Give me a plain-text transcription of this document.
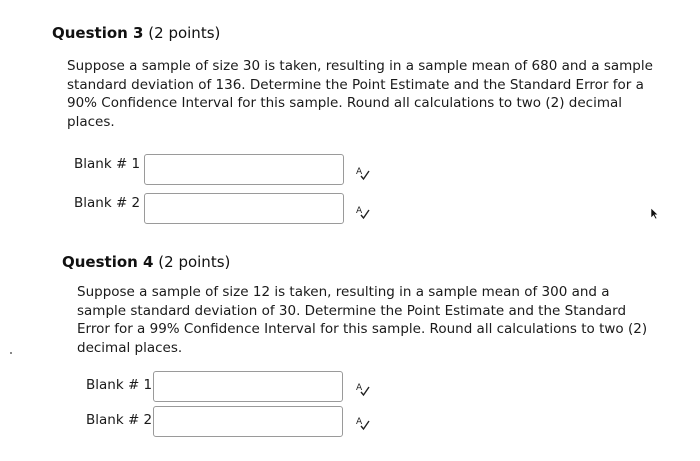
Question 3 (2 points)
Suppose a sample of size 30 is taken, resulting in a sample mean of 680 and a sample standard deviation of 136. Determine the Point Estimate and the Standard Error for a 90% Confidence Interval for this sample. Round all calculations to two (2) decimal places.
Blank # 1	A
Blank # 2	A
Question 4 (2 points)
Suppose a sample of size 12 is taken, resulting in a sample mean of 300 and a sample standard deviation of 30. Determine the Point Estimate and the Standard Error for a 99% Confidence Interval for this sample. Round all calculations to two (2) decimal places.
Blank # 1	A
Blank # 2	A
